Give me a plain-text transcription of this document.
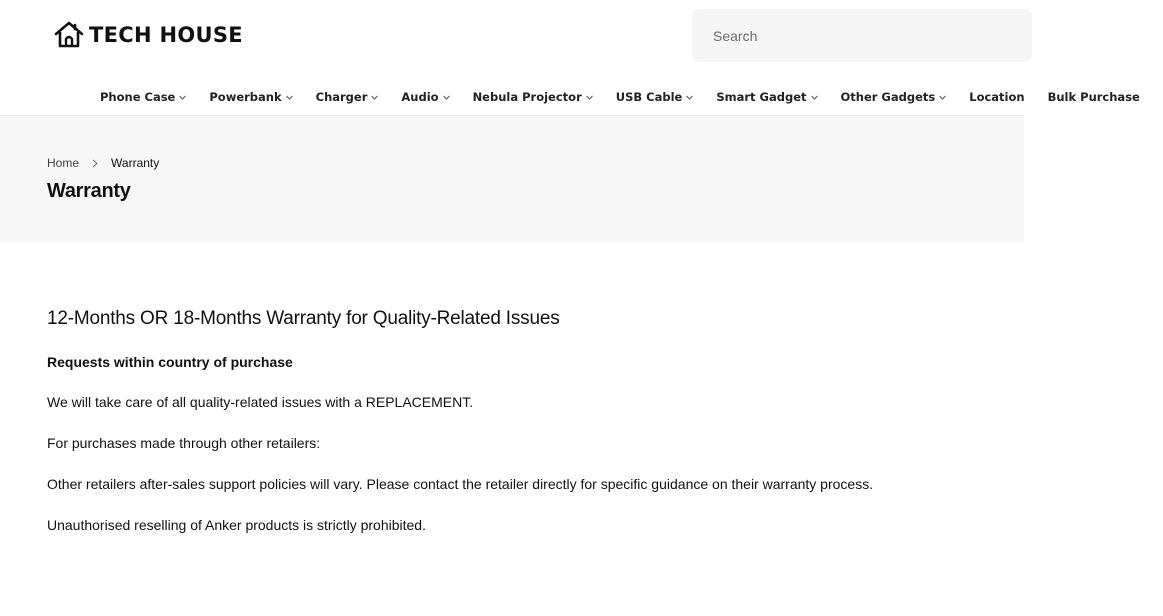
TECH HOUSE
Search
Phone Case	Powerbank	Charger	Audio	Nebula Projector	USB Cable	Smart Gadget	Other Gadgets	Location Bulk Purchase
Home	Warranty
Warranty
12-Months OR 18-Months Warranty for Quality-Related Issues

Requests within country of purchase

We will take care of all quality-related issues with a REPLACEMENT.

For purchases made through other retailers:

Other retailers after-sales support policies will vary. Please contact the retailer directly for specific guidance on their warranty process.

Unauthorised reselling of Anker products is strictly prohibited.
